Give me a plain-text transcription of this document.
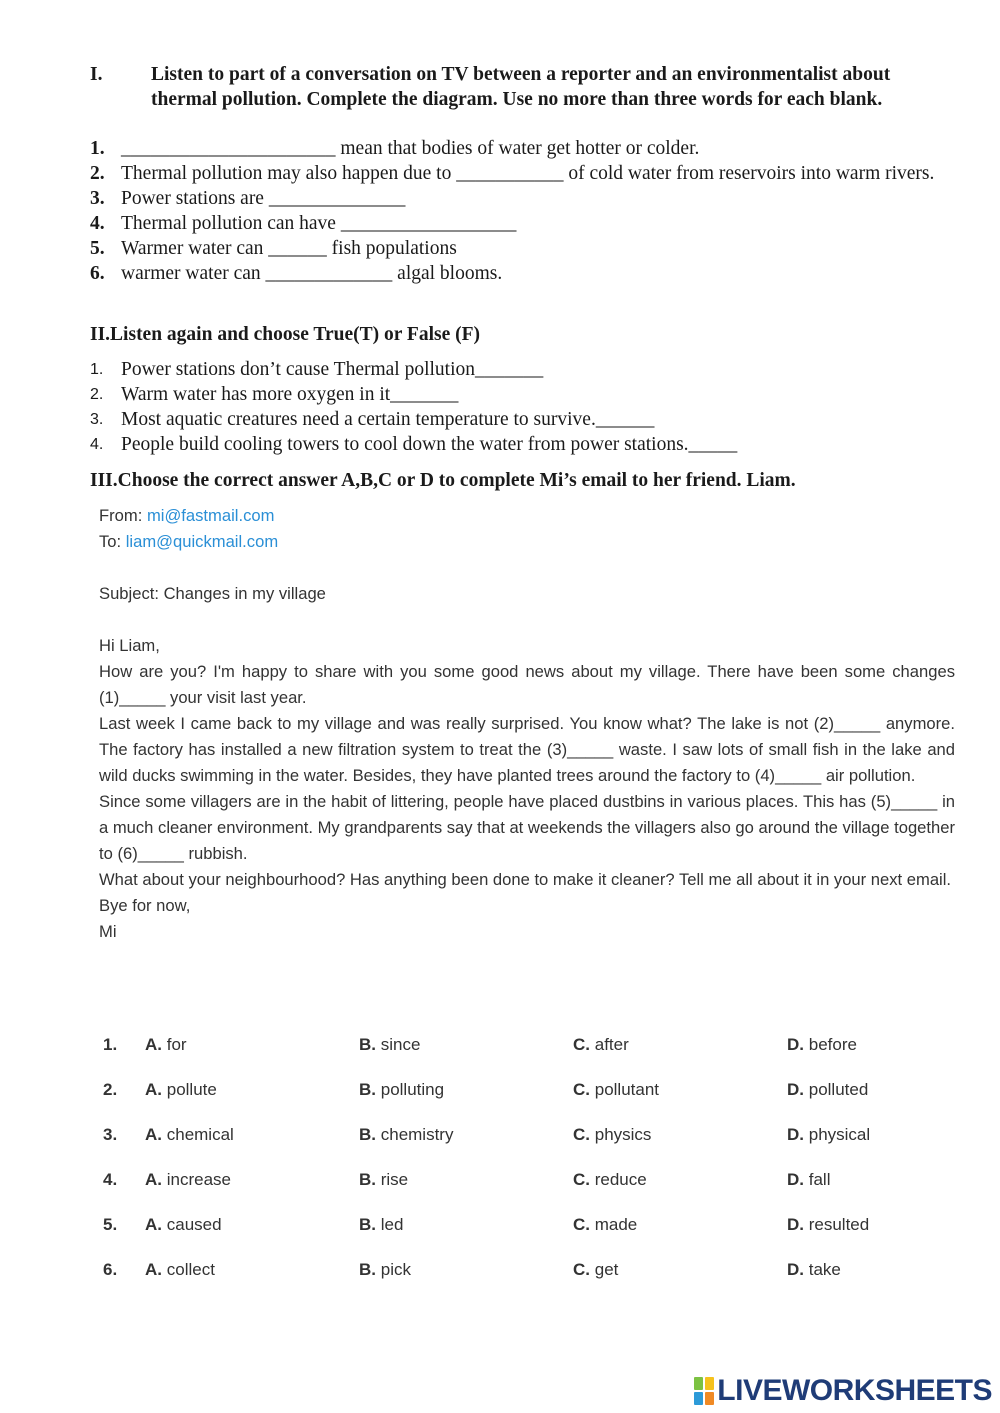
I. Listen to part of a conversation on TV between a reporter and an environmentalist about thermal pollution. Complete the diagram. Use no more than three words for each blank.
1. ______________________ mean that bodies of water get hotter or colder.
2. Thermal pollution may also happen due to ___________ of cold water from reservoirs into warm rivers.
3. Power stations are ______________
4. Thermal pollution can have __________________
5. Warmer water can ______ fish populations
6. warmer water can _____________ algal blooms.
II.Listen again and choose True(T) or False (F)
1. Power stations don’t cause Thermal pollution_______
2. Warm water has more oxygen in it_______
3. Most aquatic creatures need a certain temperature to survive.______
4. People build cooling towers to cool down the water from power stations._____
III.Choose the correct answer A,B,C or D to complete Mi’s email to her friend. Liam.

From: mi@fastmail.com

To: liam@quickmail.com

Subject: Changes in my village

Hi Liam,

How are you? I'm happy to share with you some good news about my village. There have been some changes (1)_____ your visit last year.

Last week I came back to my village and was really surprised. You know what? The lake is not (2)_____ anymore. The factory has installed a new filtration system to treat the (3)_____ waste. I saw lots of small fish in the lake and wild ducks swimming in the water. Besides, they have planted trees around the factory to (4)_____ air pollution.

Since some villagers are in the habit of littering, people have placed dustbins in various places. This has (5)_____ in a much cleaner environment. My grandparents say that at weekends the villagers also go around the village together to (6)_____ rubbish.

What about your neighbourhood? Has anything been done to make it cleaner? Tell me all about it in your next email.

Bye for now,

Mi

1. A. for	B. since	C. after	D. before
2. A. pollute	B. polluting	C. pollutant	D. polluted
3. A. chemical	B. chemistry	C. physics	D. physical
4. A. increase	B. rise	C. reduce	D. fall
5. A. caused	B. led	C. made	D. resulted
6. A. collect	B. pick	C. get	D. take
LIVEWORKSHEETS
